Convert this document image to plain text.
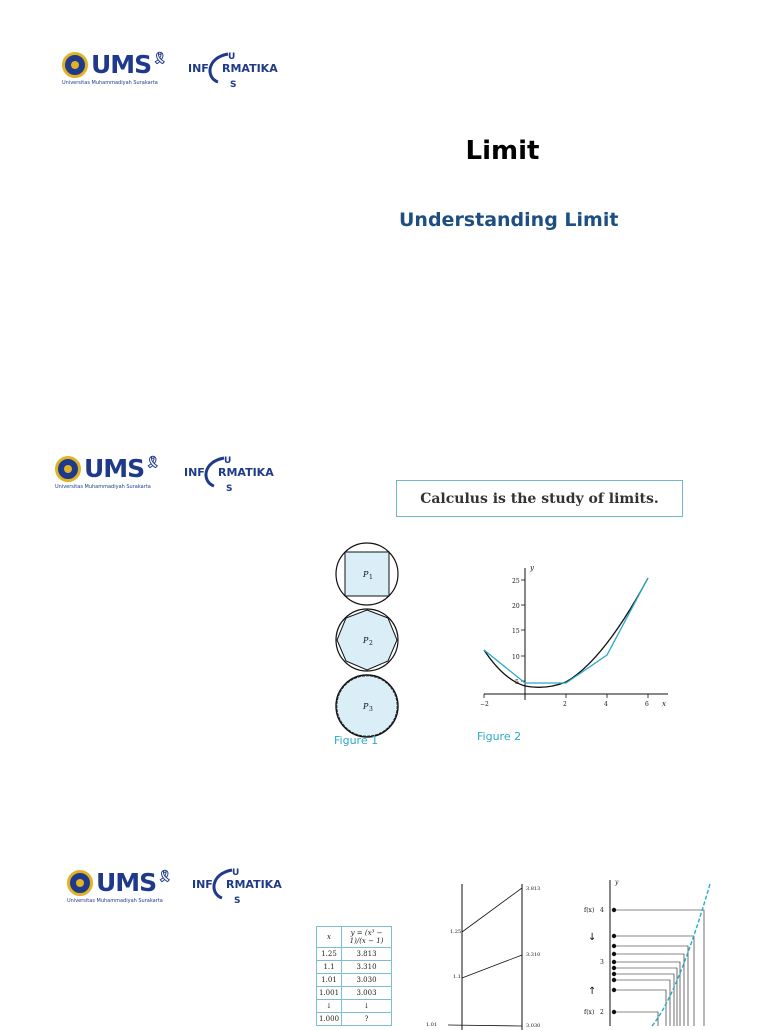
UMS 🎗
Universitas Muhammadiyah Surakarta
INF RMATIKA
U
S
Limit
Understanding Limit
UMS 🎗
Universitas Muhammadiyah Surakarta
INF RMATIKA
U
S
Calculus is the study of limits.
P 1
P 2
P 3
Figure 1
y
x
25
20
15
10
5
−2	2	4	6
Figure 2
UMS 🎗
Universitas Muhammadiyah Surakarta
INF RMATIKA
U
S
x	y = (x³ − 1)/(x − 1)
1.25	3.813
1.1	3.310
1.01	3.030
1.001	3.003
↓	↓
1.000	?
1.25
1.1
1.01
3.813
3.310
3.030
y
f(x) 4
3
f(x) 2
↓
↑
